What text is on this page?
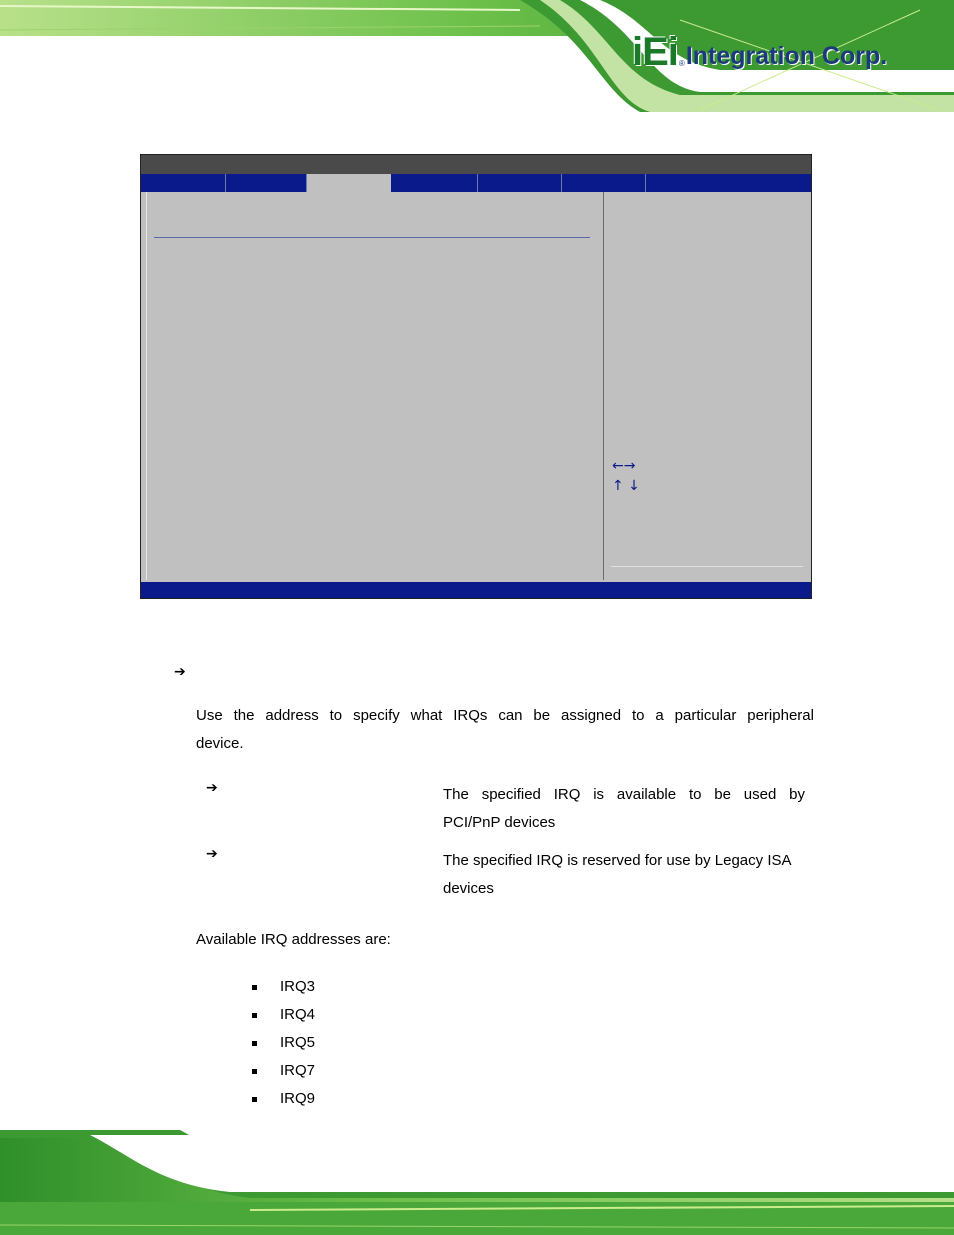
iEi ® Integration Corp.
←→
↑ ↓
➔
Use the address to specify what IRQs can be assigned to a particular peripheral
device.
➔	The specified IRQ is available to be used by
PCI/PnP devices
➔	The specified IRQ is reserved for use by Legacy ISA
devices
Available IRQ addresses are:
IRQ3
IRQ4
IRQ5
IRQ7
IRQ9
